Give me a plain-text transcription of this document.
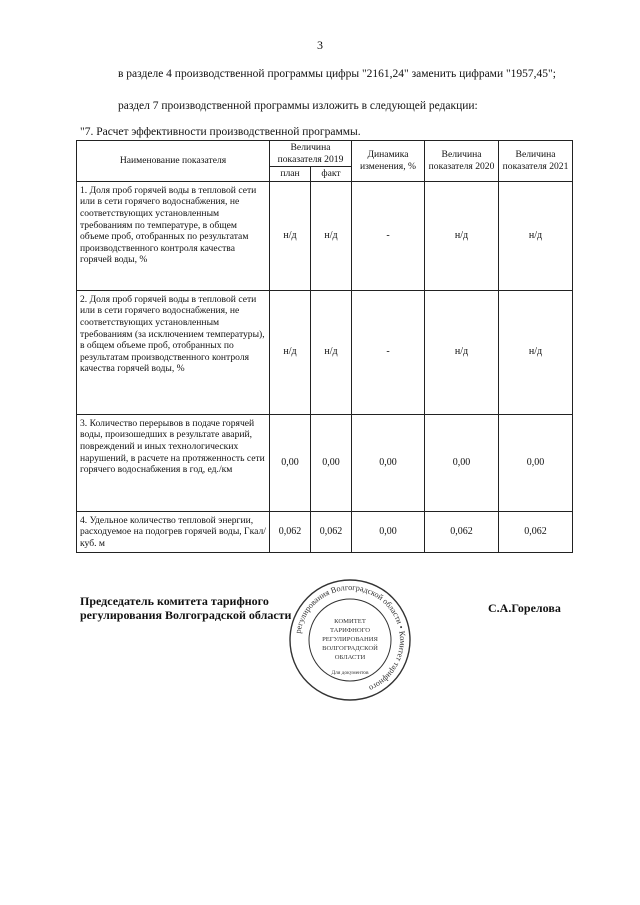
3
в разделе 4 производственной программы цифры "2161,24" заменить цифрами "1957,45";
раздел 7 производственной программы изложить в следующей редакции:
"7. Расчет эффективности производственной программы.
Наименование показателя	Величина показателя 2019		Динамика изменения, %	Величина показателя 2020	Величина показателя 2021
	план	факт			
1. Доля проб горячей воды в тепловой сети или в сети горячего водоснабжения, не соответствующих установленным требованиям по температуре, в общем объеме проб, отобранных по результатам производственного контроля качества горячей воды, %	н/д	н/д	-	н/д	н/д
2. Доля проб горячей воды в тепловой сети или в сети горячего водоснабжения, не соответствующих установленным требованиям (за исключением температуры), в общем объеме проб, отобранных по результатам производственного контроля качества горячей воды, %	н/д	н/д	-	н/д	н/д
3. Количество перерывов в подаче горячей воды, произошедших в результате аварий, повреждений и иных технологических нарушений, в расчете на протяженность сети горячего водоснабжения в год, ед./км	0,00	0,00	0,00	0,00	0,00
4. Удельное количество тепловой энергии, расходуемое на подогрев горячей воды, Гкал/куб. м	0,062	0,062	0,00	0,062	0,062
Председатель комитета тарифного
регулирования Волгоградской области	С.А.Горелова
регулирования Волгоградской области • Комитет тарифного
КОМИТЕТ
ТАРИФНОГО
РЕГУЛИРОВАНИЯ
ВОЛГОГРАДСКОЙ
ОБЛАСТИ
Для документов
